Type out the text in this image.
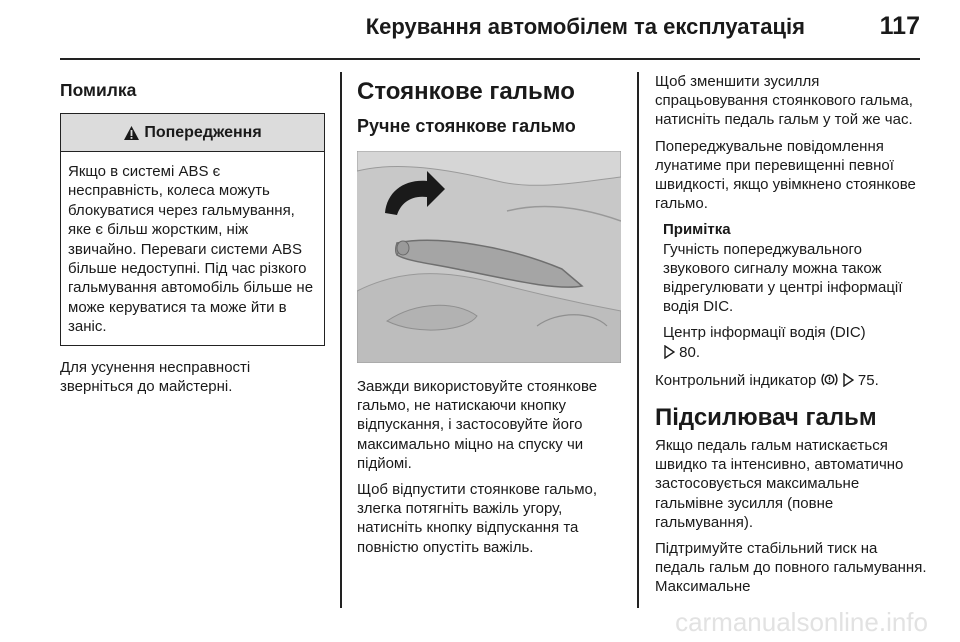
Керування автомобілем та експлуатація	117
Помилка
Попередження
Якщо в системі ABS є несправність, колеса можуть блокуватися через гальмування, яке є більш жорстким, ніж звичайно. Переваги системи ABS більше недоступні. Під час різкого гальмування автомобіль більше не може керуватися та може йти в заніс.
Для усунення несправності зверніться до майстерні.
Стоянкове гальмо
Ручне стоянкове гальмо

Завжди використовуйте стоянкове гальмо, не натискаючи кнопку відпускання, і застосовуйте його максимально міцно на спуску чи підйомі.

Щоб відпустити стоянкове гальмо, злегка потягніть важіль угору, натисніть кнопку відпускання та повністю опустіть важіль.

Щоб зменшити зусилля спрацьовування стоянкового гальма, натисніть педаль гальм у той же час.

Попереджувальне повідомлення лунатиме при перевищенні певної швидкості, якщо увімкнено стоянкове гальмо.

Примітка

Гучність попереджувального звукового сигналу можна також відрегулювати у центрі інформації водія DIC.

Центр інформації водія (DIC)
80.

Контрольний індикатор	75.

Підсилювач гальм

Якщо педаль гальм натискається швидко та інтенсивно, автоматично застосовується максимальне гальмівне зусилля (повне гальмування).

Підтримуйте стабільний тиск на педаль гальм до повного гальмування. Максимальне

carmanualsonline.info
